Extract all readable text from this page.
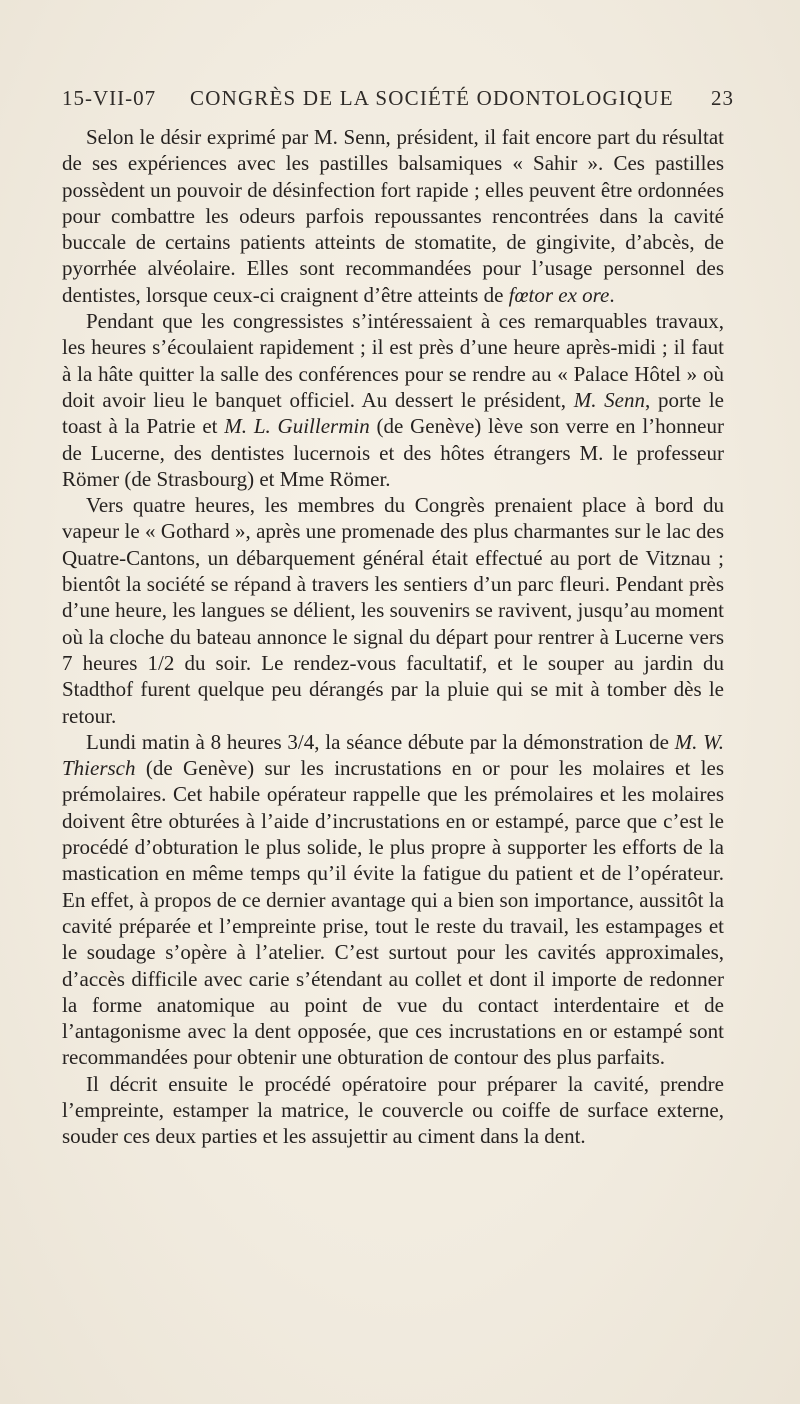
15-VII-07 CONGRÈS DE LA SOCIÉTÉ ODONTOLOGIQUE 23

Selon le désir exprimé par M. Senn, président, il fait encore part du résultat de ses expériences avec les pastilles balsamiques « Sahir ». Ces pastilles possèdent un pouvoir de désinfection fort rapide ; elles peuvent être ordonnées pour combattre les odeurs parfois repoussantes rencontrées dans la cavité buccale de certains patients atteints de stomatite, de gingivite, d’abcès, de pyorrhée alvéolaire. Elles sont recommandées pour l’usage personnel des dentistes, lorsque ceux-ci craignent d’être atteints de fœtor ex ore.

Pendant que les congressistes s’intéressaient à ces remarquables travaux, les heures s’écoulaient rapidement ; il est près d’une heure après-midi ; il faut à la hâte quitter la salle des conférences pour se rendre au « Palace Hôtel » où doit avoir lieu le banquet officiel. Au dessert le président, M. Senn, porte le toast à la Patrie et M. L. Guillermin (de Genève) lève son verre en l’honneur de Lucerne, des dentistes lucernois et des hôtes étrangers M. le professeur Römer (de Strasbourg) et Mme Römer.

Vers quatre heures, les membres du Congrès prenaient place à bord du vapeur le « Gothard », après une promenade des plus charmantes sur le lac des Quatre-Cantons, un débarquement général était effectué au port de Vitznau ; bientôt la société se répand à travers les sentiers d’un parc fleuri. Pendant près d’une heure, les langues se délient, les souvenirs se ravivent, jusqu’au moment où la cloche du bateau annonce le signal du départ pour rentrer à Lucerne vers 7 heures 1/2 du soir. Le rendez-vous facultatif, et le souper au jardin du Stadthof furent quelque peu dérangés par la pluie qui se mit à tomber dès le retour.

Lundi matin à 8 heures 3/4, la séance débute par la démonstration de M. W. Thiersch (de Genève) sur les incrustations en or pour les molaires et les prémolaires. Cet habile opérateur rappelle que les prémolaires et les molaires doivent être obturées à l’aide d’incrustations en or estampé, parce que c’est le procédé d’obturation le plus solide, le plus propre à supporter les efforts de la mastication en même temps qu’il évite la fatigue du patient et de l’opérateur. En effet, à propos de ce dernier avantage qui a bien son importance, aussitôt la cavité préparée et l’empreinte prise, tout le reste du travail, les estampages et le soudage s’opère à l’atelier. C’est surtout pour les cavités approximales, d’accès difficile avec carie s’étendant au collet et dont il importe de redonner la forme anatomique au point de vue du contact interdentaire et de l’antagonisme avec la dent opposée, que ces incrustations en or estampé sont recommandées pour obtenir une obturation de contour des plus parfaits.

Il décrit ensuite le procédé opératoire pour préparer la cavité, prendre l’empreinte, estamper la matrice, le couvercle ou coiffe de surface externe, souder ces deux parties et les assujettir au ciment dans la dent.
